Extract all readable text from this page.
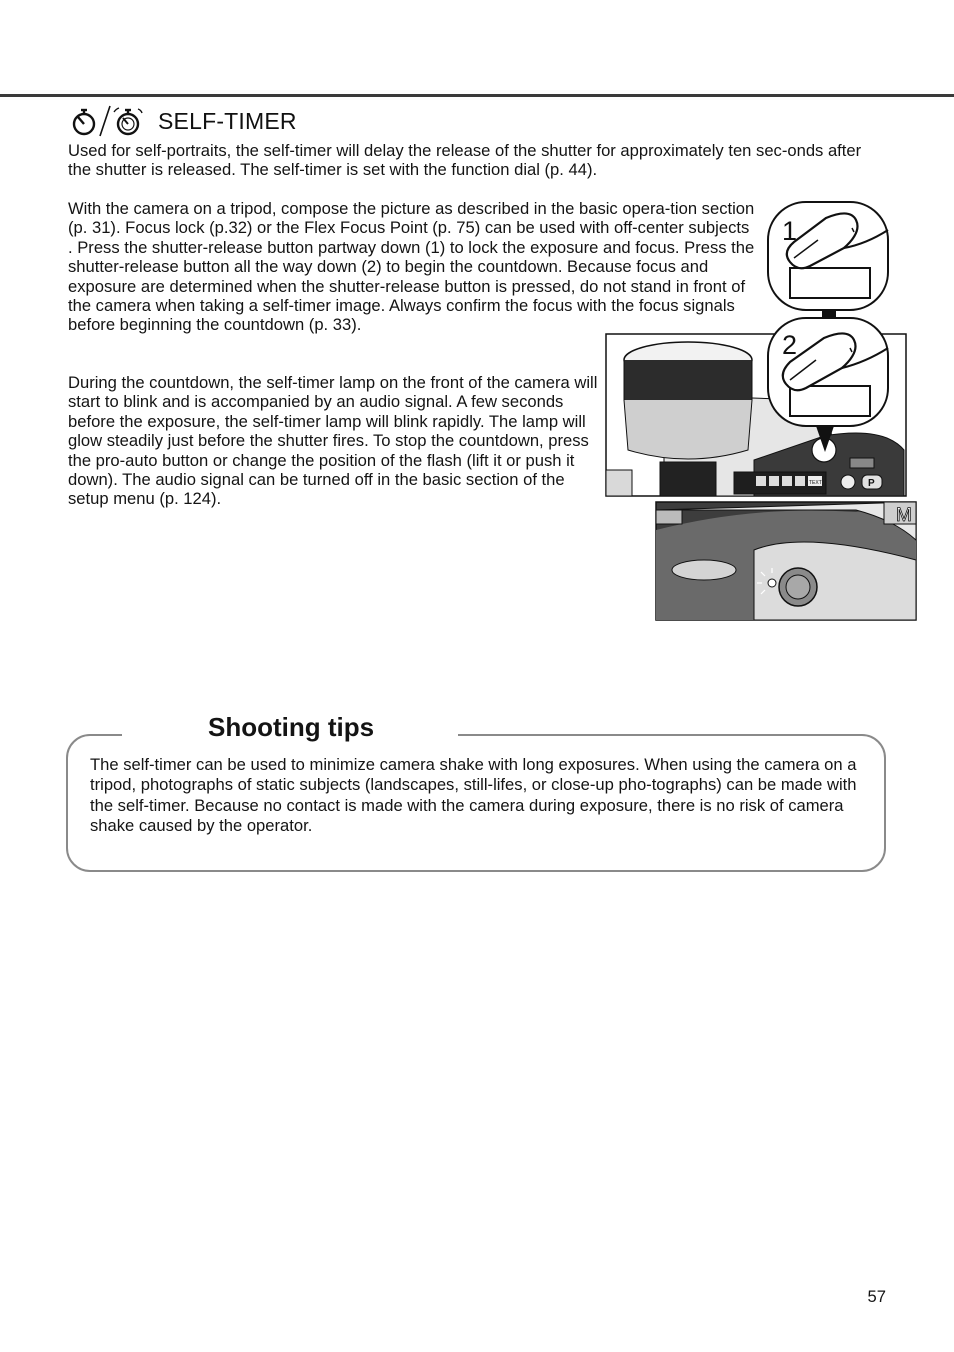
SELF-TIMER

Used for self-portraits, the self-timer will delay the release of the shutter for approximately ten sec-onds after the shutter is released. The self-timer is set with the function dial (p. 44).

With the camera on a tripod, compose the picture as described in the basic opera-tion section (p. 31). Focus lock (p.32) or the Flex Focus Point (p. 75) can be used with off-center subjects . Press the shutter-release button partway down (1) to lock the exposure and focus. Press the shutter-release button all the way down (2) to begin the countdown. Because focus and exposure are determined when the shutter-release button is pressed, do not stand in front of the camera when taking a self-timer image. Always confirm the focus with the focus signals before beginning the countdown (p. 33).

During the countdown, the self-timer lamp on the front of the camera will start to blink and is accompanied by an audio signal. A few seconds before the exposure, the self-timer lamp will blink rapidly. The lamp will glow steadily just before the shutter fires. To stop the countdown, press the pro-auto button or change the position of the flash (lift it or push it down). The audio signal can be turned off in the basic section of the setup menu (p. 124).

M
TEXT	P
1
2
Shooting tips

The self-timer can be used to minimize camera shake with long exposures. When using the camera on a tripod, photographs of static subjects (landscapes, still-lifes, or close-up pho-tographs) can be made with the self-timer. Because no contact is made with the camera during exposure, there is no risk of camera shake caused by the operator.

57
